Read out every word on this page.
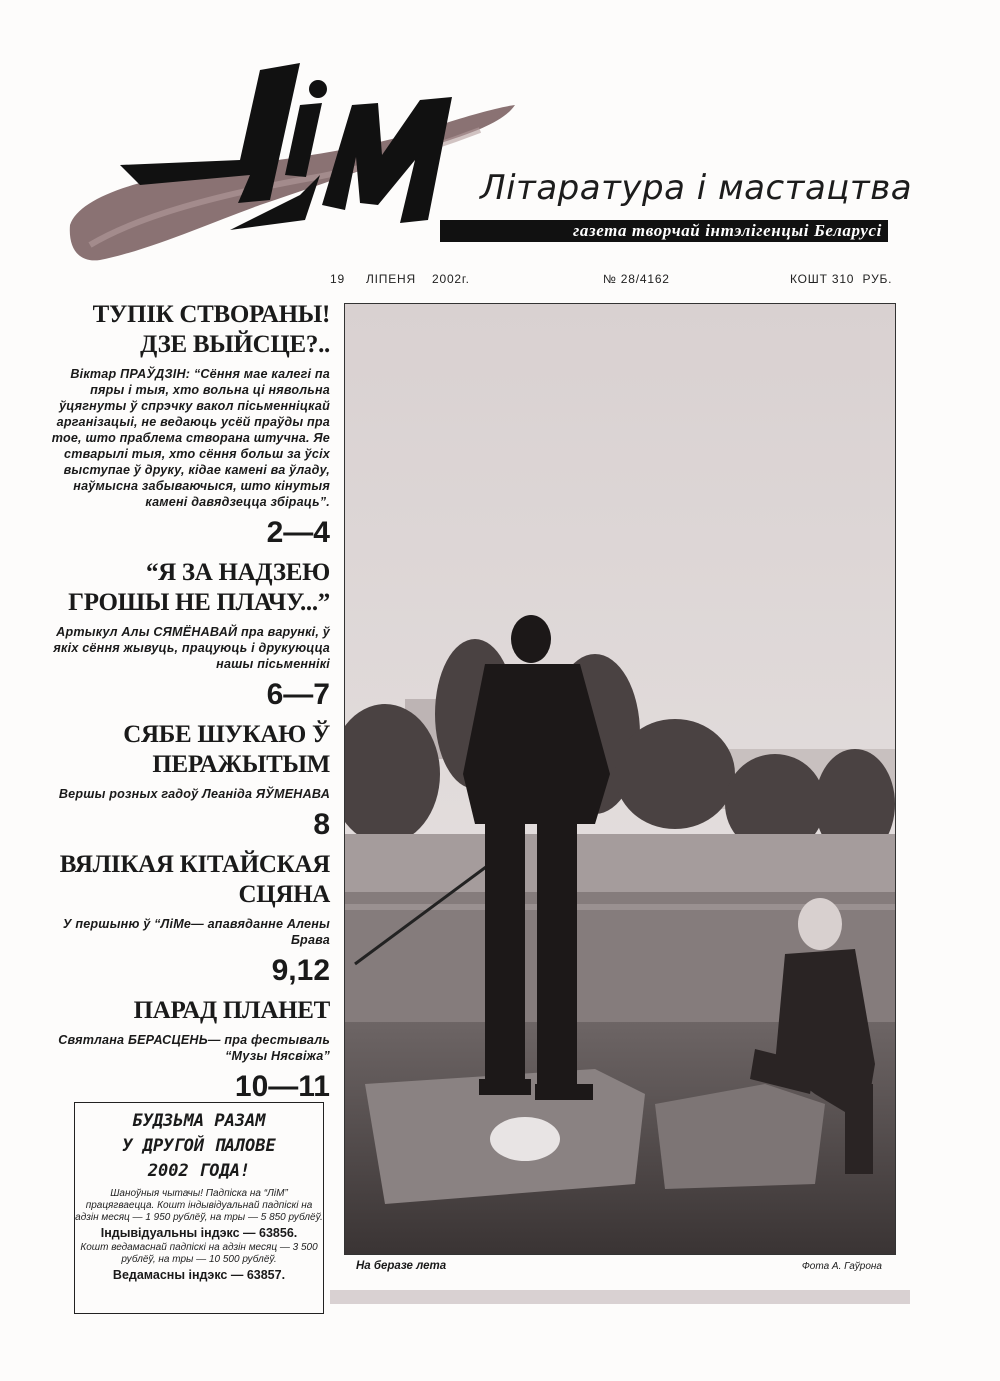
Літаратура і мастацтва
газета творчай інтэлігенцыі Беларусі
19 ЛІПЕНЯ 2002г.	№ 28/4162	КОШТ 310  РУБ.
ТУПІК СТВОРАНЫ! ДЗЕ ВЫЙСЦЕ?..
Віктар ПРАЎДЗІН: “Сёння мае калегі па пяры і тыя, хто вольна ці нявольна ўцягнуты ў спрэчку вакол пісьменніцкай арганізацыі, не ведаюць усёй праўды пра тое, што праблема створана штучна. Яе стварылі тыя, хто сёння больш за ўсіх выступае ў друку, кідае камені ва ўладу, наўмысна забываючыся, што кінутыя камені давядзецца збіраць”.
2—4
“Я ЗА НАДЗЕЮ ГРОШЫ НЕ ПЛАЧУ...”
Артыкул Алы СЯМЁНАВАЙ пра варункі, ў якіх сёння жывуць, працуюць і друкуюцца нашы пісьменнікі
6—7
СЯБЕ ШУКАЮ Ў ПЕРАЖЫТЫМ
Вершы розных гадоў Леаніда ЯЎМЕНАВА
8
ВЯЛІКАЯ КІТАЙСКАЯ СЦЯНА
У першыню ў “ЛіМе— апавяданне Алены Брава
9,12
ПАРАД ПЛАНЕТ
Святлана БЕРАСЦЕНЬ— пра фестываль “Музы Нясвіжа”
10—11
БУДЗЬМА РАЗАМ
У ДРУГОЙ ПАЛОВЕ
2002 ГОДА!
Шаноўныя чытачы! Падпіска на “ЛіМ” працягваецца. Кошт індывідуальнай падпіскі на адзін месяц — 1 950 рублёў, на тры — 5 850 рублёў.
Індывідуальны індэкс — 63856.
Кошт ведамаснай падпіскі на адзін месяц — 3 500 рублёў, на тры — 10 500 рублёў.
Ведамасны індэкс — 63857.
На беразе лета	Фота А. Гаўрона
